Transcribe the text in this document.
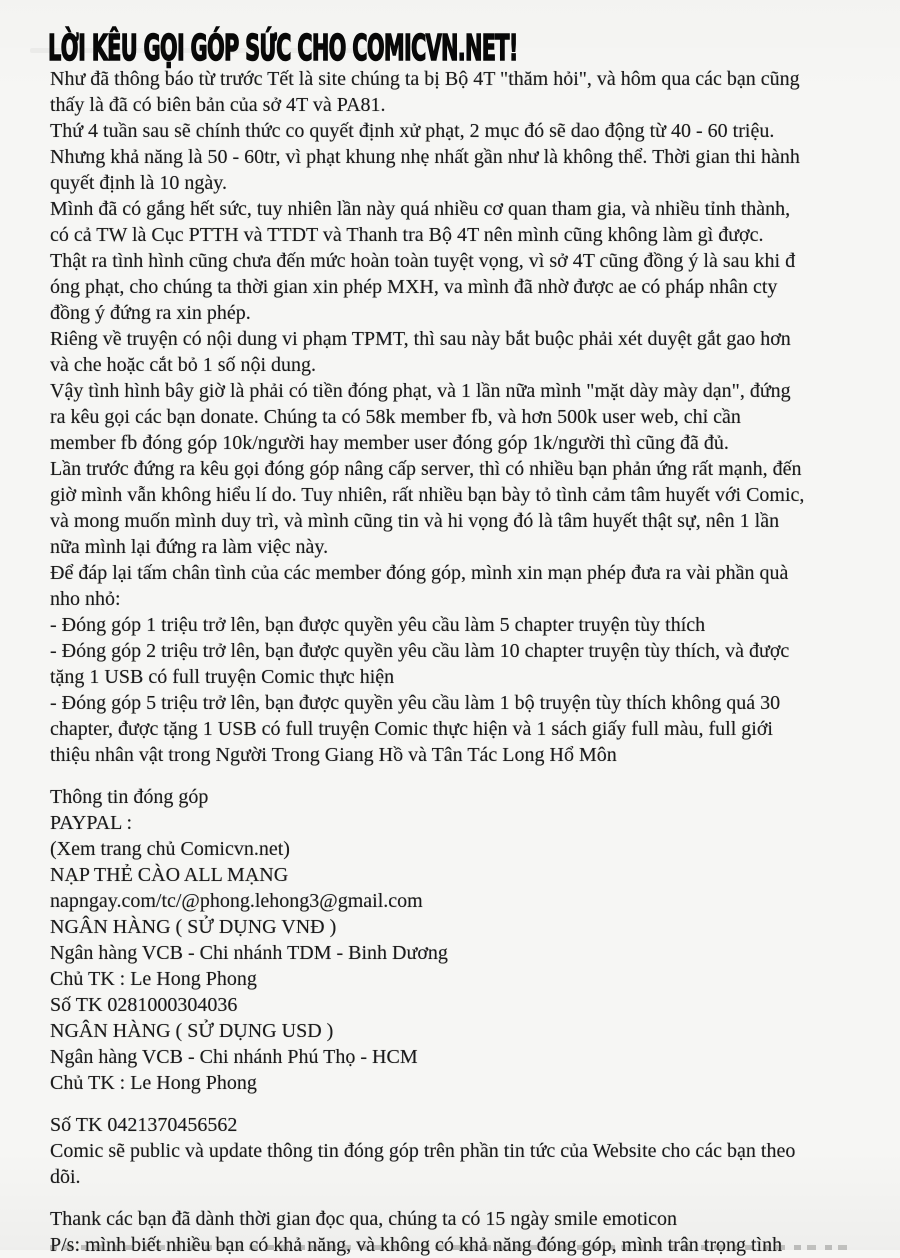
LỜI KÊU GỌI GÓP SỨC CHO COMICVN.NET!
Như đã thông báo từ trước Tết là site chúng ta bị Bộ 4T "thăm hỏi", và hôm qua các bạn cũng
thấy là đã có biên bản của sở 4T và PA81.
Thứ 4 tuần sau sẽ chính thức co quyết định xử phạt, 2 mục đó sẽ dao động từ 40 - 60 triệu.
Nhưng khả năng là 50 - 60tr, vì phạt khung nhẹ nhất gần như là không thể. Thời gian thi hành
quyết định là 10 ngày.
Mình đã có gắng hết sức, tuy nhiên lần này quá nhiều cơ quan tham gia, và nhiều tỉnh thành,
có cả TW là Cục PTTH và TTDT và Thanh tra Bộ 4T nên mình cũng không làm gì được.
Thật ra tình hình cũng chưa đến mức hoàn toàn tuyệt vọng, vì sở 4T cũng đồng ý là sau khi đ
óng phạt, cho chúng ta thời gian xin phép MXH, va mình đã nhờ được ae có pháp nhân cty
đồng ý đứng ra xin phép.
Riêng về truyện có nội dung vi phạm TPMT, thì sau này bắt buộc phải xét duyệt gắt gao hơn
và che hoặc cắt bỏ 1 số nội dung.
Vậy tình hình bây giờ là phải có tiền đóng phạt, và 1 lần nữa mình "mặt dày mày dạn", đứng
ra kêu gọi các bạn donate. Chúng ta có 58k member fb, và hơn 500k user web, chỉ cần
member fb đóng góp 10k/người hay member user đóng góp 1k/người thì cũng đã đủ.
Lần trước đứng ra kêu gọi đóng góp nâng cấp server, thì có nhiều bạn phản ứng rất mạnh, đến
giờ mình vẫn không hiểu lí do. Tuy nhiên, rất nhiều bạn bày tỏ tình cảm tâm huyết với Comic,
và mong muốn mình duy trì, và mình cũng tin và hi vọng đó là tâm huyết thật sự, nên 1 lần
nữa mình lại đứng ra làm việc này.
Để đáp lại tấm chân tình của các member đóng góp, mình xin mạn phép đưa ra vài phần quà
nho nhỏ:
- Đóng góp 1 triệu trở lên, bạn được quyền yêu cầu làm 5 chapter truyện tùy thích
- Đóng góp 2 triệu trở lên, bạn được quyền yêu cầu làm 10 chapter truyện tùy thích, và được
tặng 1 USB có full truyện Comic thực hiện
- Đóng góp 5 triệu trở lên, bạn được quyền yêu cầu làm 1 bộ truyện tùy thích không quá 30
chapter, được tặng 1 USB có full truyện Comic thực hiện và 1 sách giấy full màu, full giới
thiệu nhân vật trong Người Trong Giang Hồ và Tân Tác Long Hổ Môn
Thông tin đóng góp
PAYPAL :
(Xem trang chủ Comicvn.net)
NẠP THẺ CÀO ALL MẠNG
napngay.com/tc/@phong.lehong3@gmail.com
NGÂN HÀNG ( SỬ DỤNG VNĐ )
Ngân hàng VCB - Chi nhánh TDM - Binh Dương
Chủ TK : Le Hong Phong
Số TK 0281000304036
NGÂN HÀNG ( SỬ DỤNG USD )
Ngân hàng VCB - Chi nhánh Phú Thọ - HCM
Chủ TK : Le Hong Phong
Số TK 0421370456562
Comic sẽ public và update thông tin đóng góp trên phần tin tức của Website cho các bạn theo
dõi.
Thank các bạn đã dành thời gian đọc qua, chúng ta có 15 ngày smile emoticon
P/s: mình biết nhiều bạn có khả năng, và không có khả năng đóng góp, mình trân trọng tình
